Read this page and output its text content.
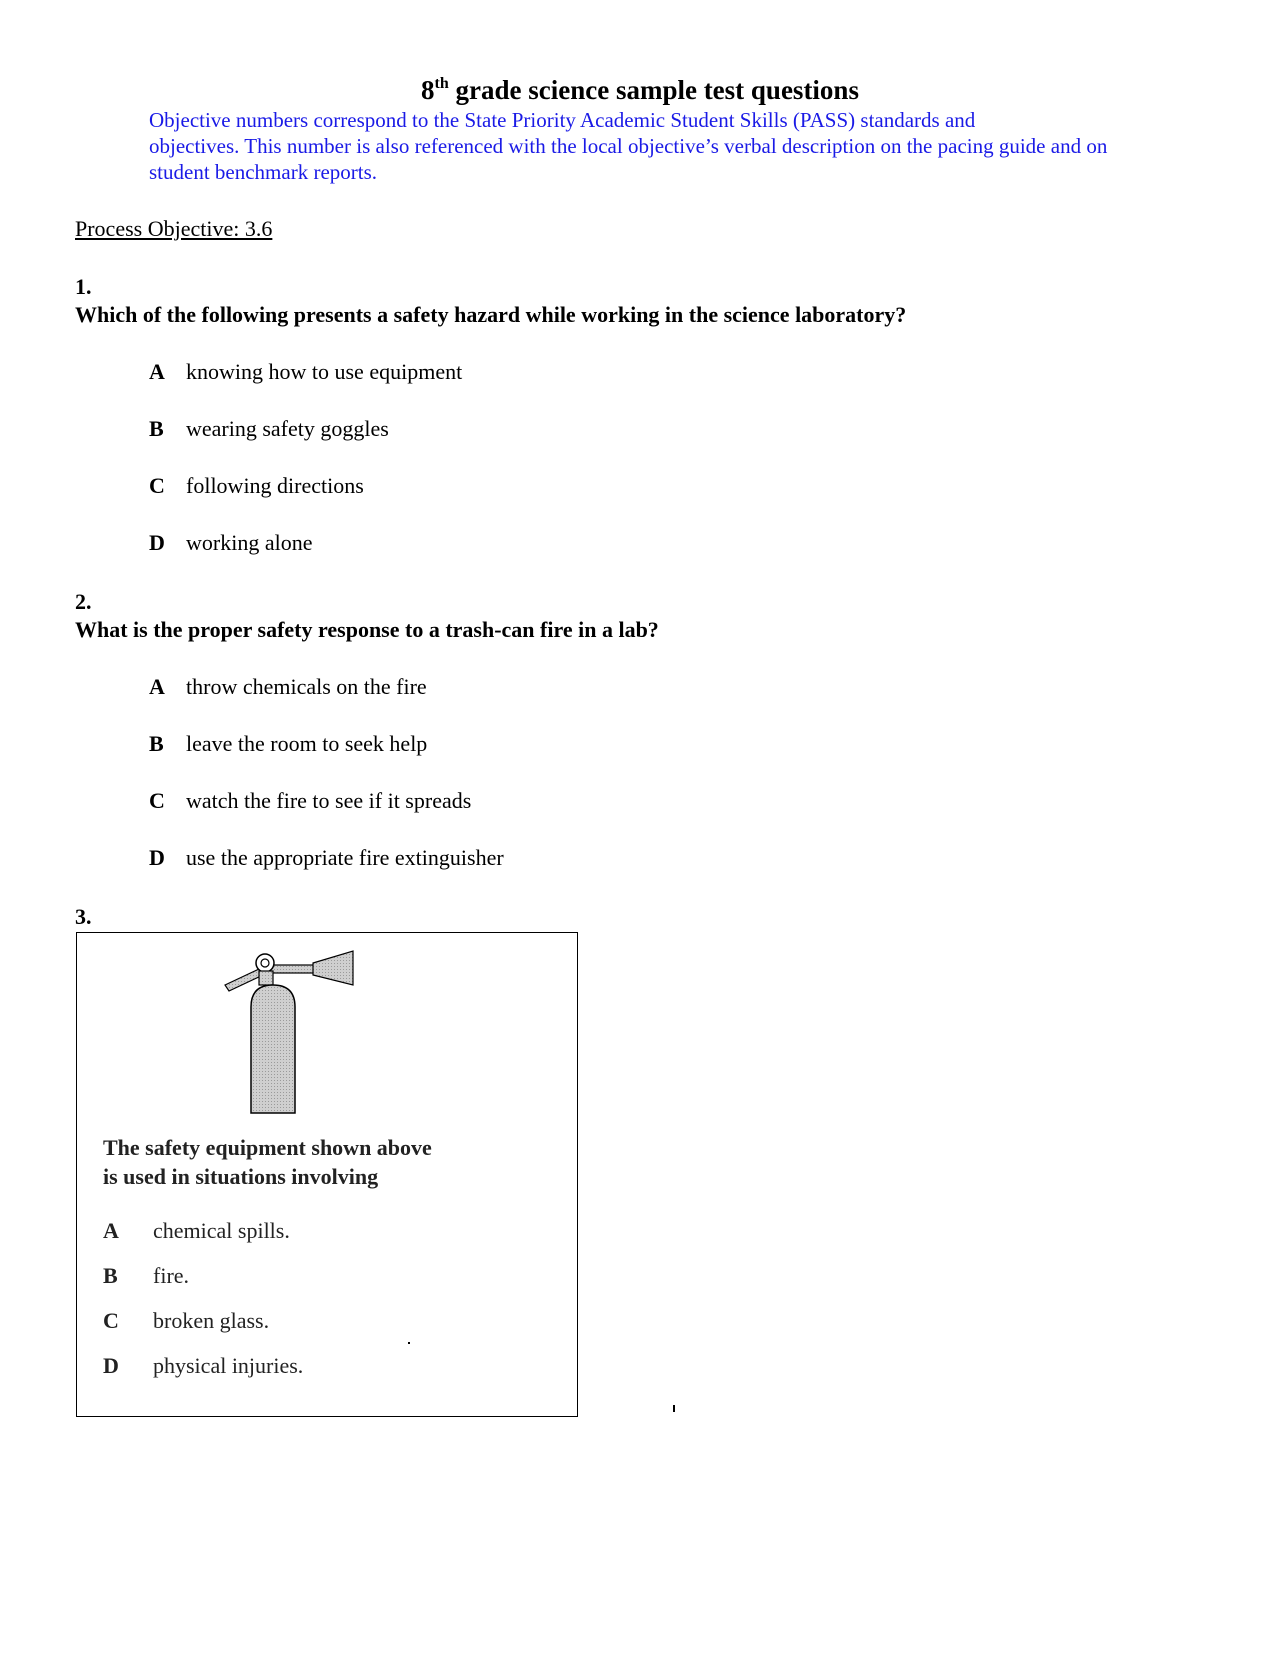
8th grade science sample test questions
Objective numbers correspond to the State Priority Academic Student Skills (PASS) standards and
objectives. This number is also referenced with the local objective’s verbal description on the pacing guide and on
student benchmark reports.
Process Objective: 3.6
1.
Which of the following presents a safety hazard while working in the science laboratory?
A knowing how to use equipment
B wearing safety goggles
C following directions
D working alone
2.
What is the proper safety response to a trash-can fire in a lab?
A throw chemicals on the fire
B leave the room to seek help
C watch the fire to see if it spreads
D use the appropriate fire extinguisher
3.
The safety equipment shown above
is used in situations involving
A chemical spills.
B fire.
C broken glass.
D physical injuries.
